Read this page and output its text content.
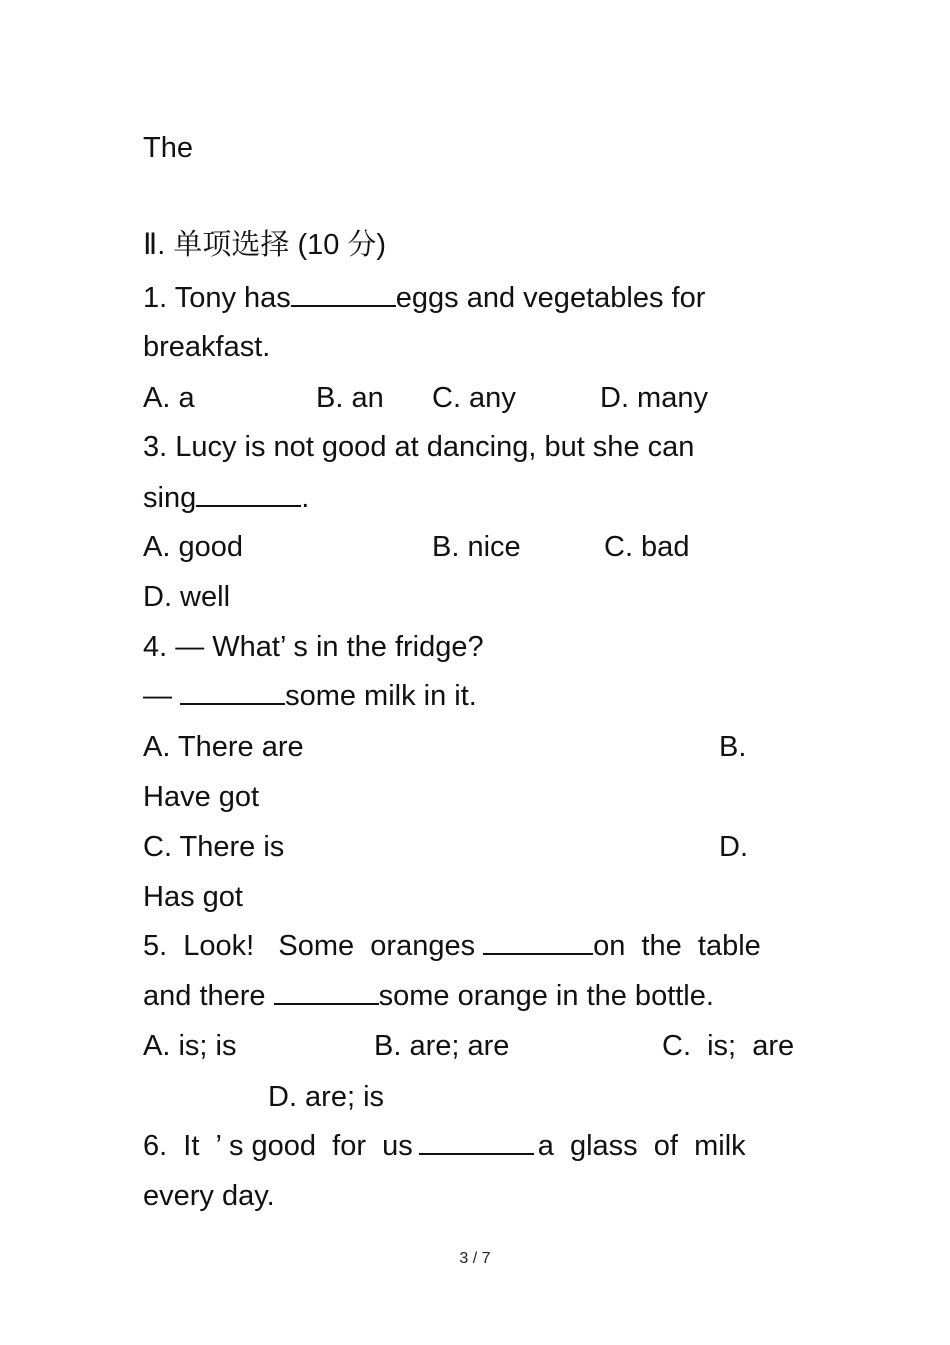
The
Ⅱ. 单项选择 (10 分)
1. Tony has	eggs and vegetables for
breakfast.
A. a	B. an C. any	D. many
3. Lucy is not good at dancing, but she can
sing	.
A. good	B. nice	C. bad
D. well
4. — What’ s in the fridge?
—	some milk in it.
A. There are	B.
Have got
C. There is	D.
Has got
5.  Look!   Some  oranges	on  the  table
and there	some orange in the bottle.
A. is; is	B. are; are	C.  is;  are
D. are; is
6.  It  ’ s good  for  us	a  glass  of  milk
every day.
3 / 7
